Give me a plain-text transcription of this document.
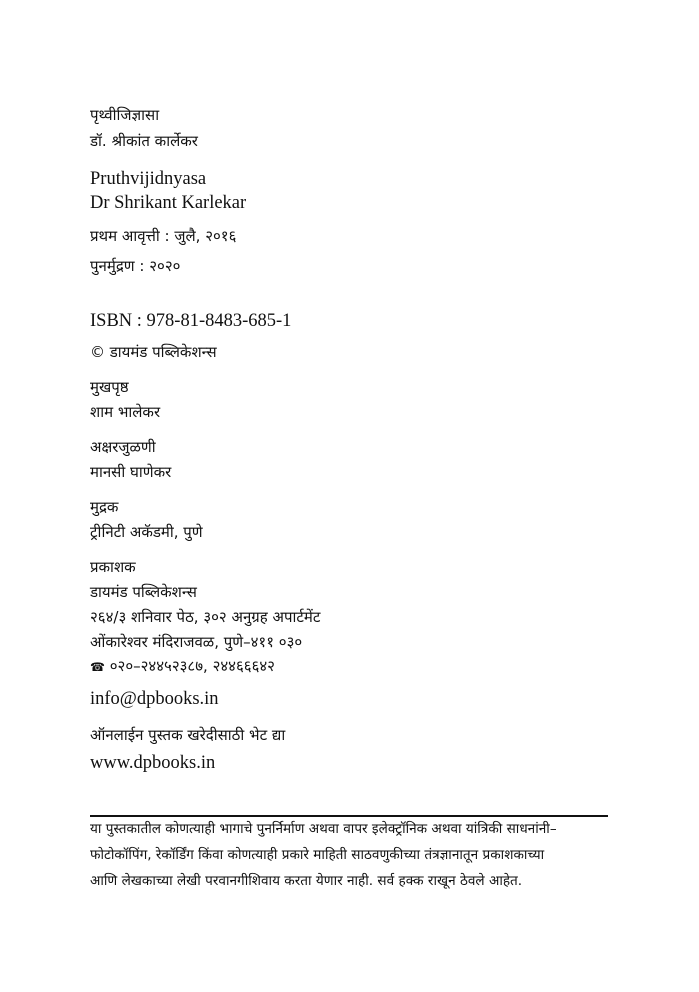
पृथ्वीजिज्ञासा
डॉ. श्रीकांत कार्लेकर
Pruthvijidnyasa
Dr Shrikant Karlekar
प्रथम आवृत्ती : जुलै, २०१६
पुनर्मुद्रण : २०२०
ISBN : 978-81-8483-685-1
© डायमंड पब्लिकेशन्स
मुखपृष्ठ
शाम भालेकर
अक्षरजुळणी
मानसी घाणेकर
मुद्रक
ट्रीनिटी अकॅडमी, पुणे
प्रकाशक
डायमंड पब्लिकेशन्स
२६४/३ शनिवार पेठ, ३०२ अनुग्रह अपार्टमेंट
ओंकारेश्वर मंदिराजवळ, पुणे–४११ ०३०
☎ ०२०–२४४५२३८७, २४४६६६४२
info@dpbooks.in
ऑनलाईन पुस्तक खरेदीसाठी भेट द्या
www.dpbooks.in
या पुस्तकातील कोणत्याही भागाचे पुनर्निर्माण अथवा वापर इलेक्ट्रॉनिक अथवा यांत्रिकी साधनांनी–
फोटोकॉपिंग, रेकॉर्डिंग किंवा कोणत्याही प्रकारे माहिती साठवणुकीच्या तंत्रज्ञानातून प्रकाशकाच्या
आणि लेखकाच्या लेखी परवानगीशिवाय करता येणार नाही. सर्व हक्क राखून ठेवले आहेत.
